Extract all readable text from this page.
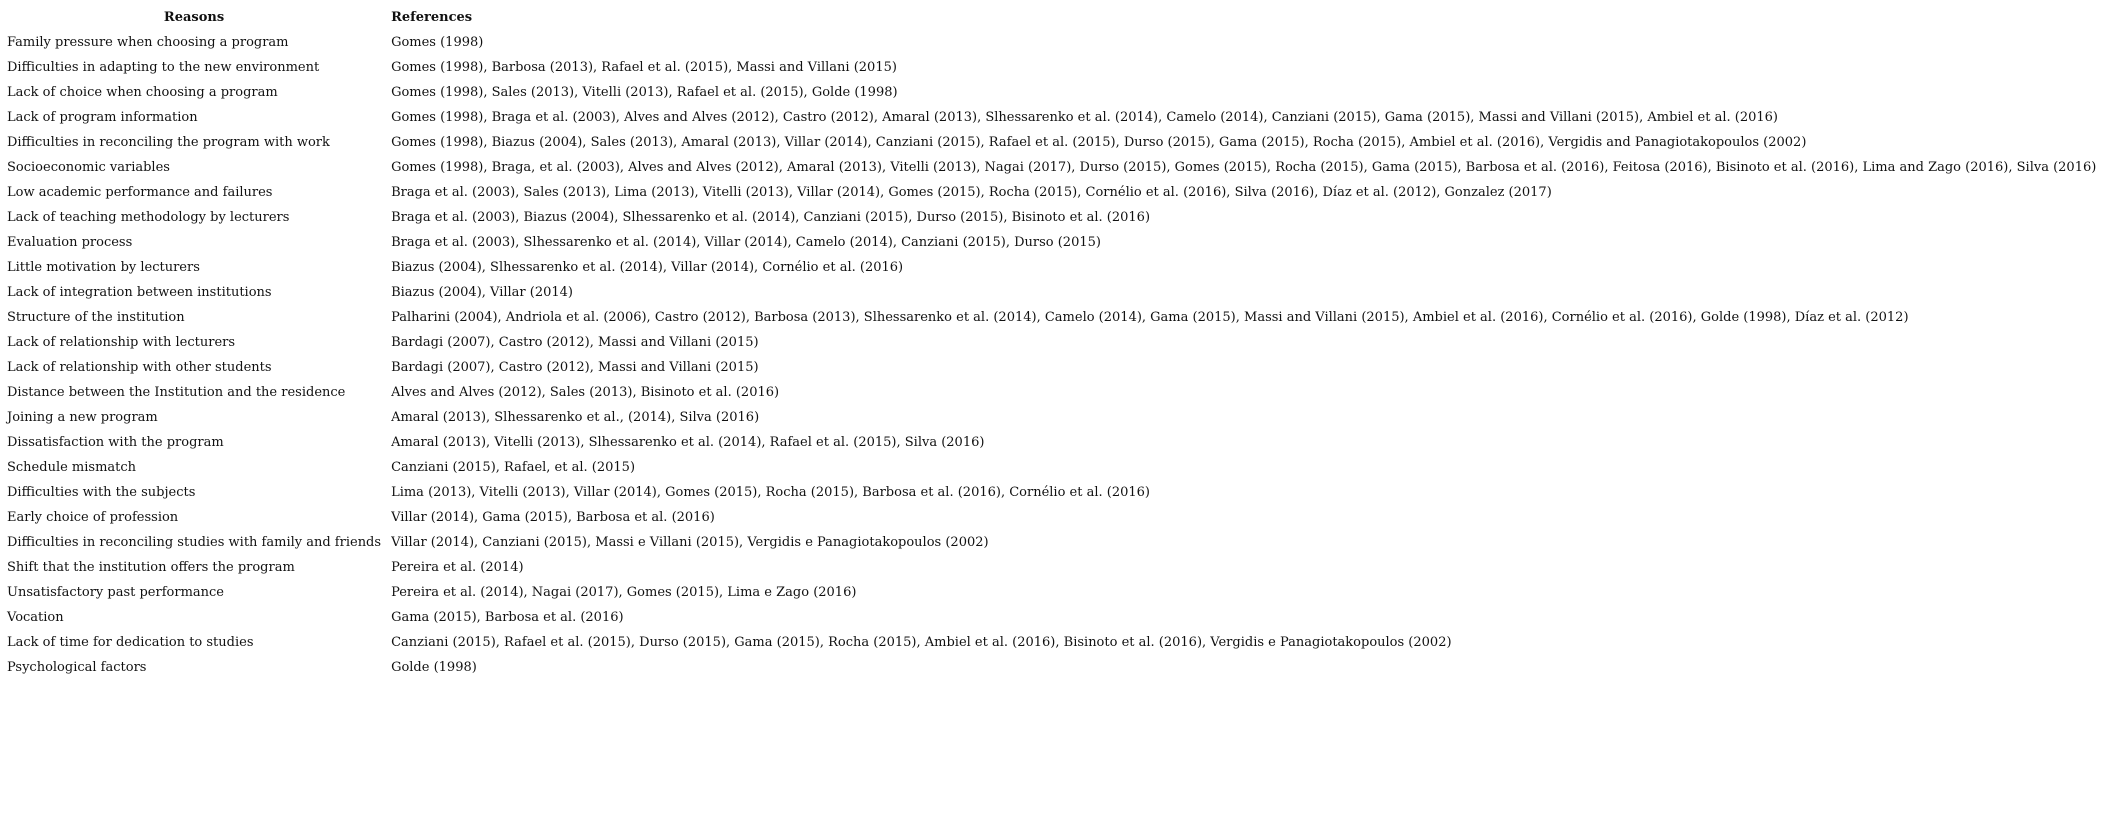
Reasons	References
Family pressure when choosing a program	Gomes (1998)
Difficulties in adapting to the new environment	Gomes (1998), Barbosa (2013), Rafael et al. (2015), Massi and Villani (2015)
Lack of choice when choosing a program	Gomes (1998), Sales (2013), Vitelli (2013), Rafael et al. (2015), Golde (1998)
Lack of program information	Gomes (1998), Braga et al. (2003), Alves and Alves (2012), Castro (2012), Amaral (2013), Slhessarenko et al. (2014), Camelo (2014), Canziani (2015), Gama (2015), Massi and Villani (2015), Ambiel et al. (2016)
Difficulties in reconciling the program with work	Gomes (1998), Biazus (2004), Sales (2013), Amaral (2013), Villar (2014), Canziani (2015), Rafael et al. (2015), Durso (2015), Gama (2015), Rocha (2015), Ambiel et al. (2016), Vergidis and Panagiotakopoulos (2002)
Socioeconomic variables	Gomes (1998), Braga, et al. (2003), Alves and Alves (2012), Amaral (2013), Vitelli (2013), Nagai (2017), Durso (2015), Gomes (2015), Rocha (2015), Gama (2015), Barbosa et al. (2016), Feitosa (2016), Bisinoto et al. (2016), Lima and Zago (2016), Silva (2016)
Low academic performance and failures	Braga et al. (2003), Sales (2013), Lima (2013), Vitelli (2013), Villar (2014), Gomes (2015), Rocha (2015), Cornélio et al. (2016), Silva (2016), Díaz et al. (2012), Gonzalez (2017)
Lack of teaching methodology by lecturers	Braga et al. (2003), Biazus (2004), Slhessarenko et al. (2014), Canziani (2015), Durso (2015), Bisinoto et al. (2016)
Evaluation process	Braga et al. (2003), Slhessarenko et al. (2014), Villar (2014), Camelo (2014), Canziani (2015), Durso (2015)
Little motivation by lecturers	Biazus (2004), Slhessarenko et al. (2014), Villar (2014), Cornélio et al. (2016)
Lack of integration between institutions	Biazus (2004), Villar (2014)
Structure of the institution	Palharini (2004), Andriola et al. (2006), Castro (2012), Barbosa (2013), Slhessarenko et al. (2014), Camelo (2014), Gama (2015), Massi and Villani (2015), Ambiel et al. (2016), Cornélio et al. (2016), Golde (1998), Díaz et al. (2012)
Lack of relationship with lecturers	Bardagi (2007), Castro (2012), Massi and Villani (2015)
Lack of relationship with other students	Bardagi (2007), Castro (2012), Massi and Villani (2015)
Distance between the Institution and the residence	Alves and Alves (2012), Sales (2013), Bisinoto et al. (2016)
Joining a new program	Amaral (2013), Slhessarenko et al., (2014), Silva (2016)
Dissatisfaction with the program	Amaral (2013), Vitelli (2013), Slhessarenko et al. (2014), Rafael et al. (2015), Silva (2016)
Schedule mismatch	Canziani (2015), Rafael, et al. (2015)
Difficulties with the subjects	Lima (2013), Vitelli (2013), Villar (2014), Gomes (2015), Rocha (2015), Barbosa et al. (2016), Cornélio et al. (2016)
Early choice of profession	Villar (2014), Gama (2015), Barbosa et al. (2016)
Difficulties in reconciling studies with family and friends	Villar (2014), Canziani (2015), Massi e Villani (2015), Vergidis e Panagiotakopoulos (2002)
Shift that the institution offers the program	Pereira et al. (2014)
Unsatisfactory past performance	Pereira et al. (2014), Nagai (2017), Gomes (2015), Lima e Zago (2016)
Vocation	Gama (2015), Barbosa et al. (2016)
Lack of time for dedication to studies	Canziani (2015), Rafael et al. (2015), Durso (2015), Gama (2015), Rocha (2015), Ambiel et al. (2016), Bisinoto et al. (2016), Vergidis e Panagiotakopoulos (2002)
Psychological factors	Golde (1998)
